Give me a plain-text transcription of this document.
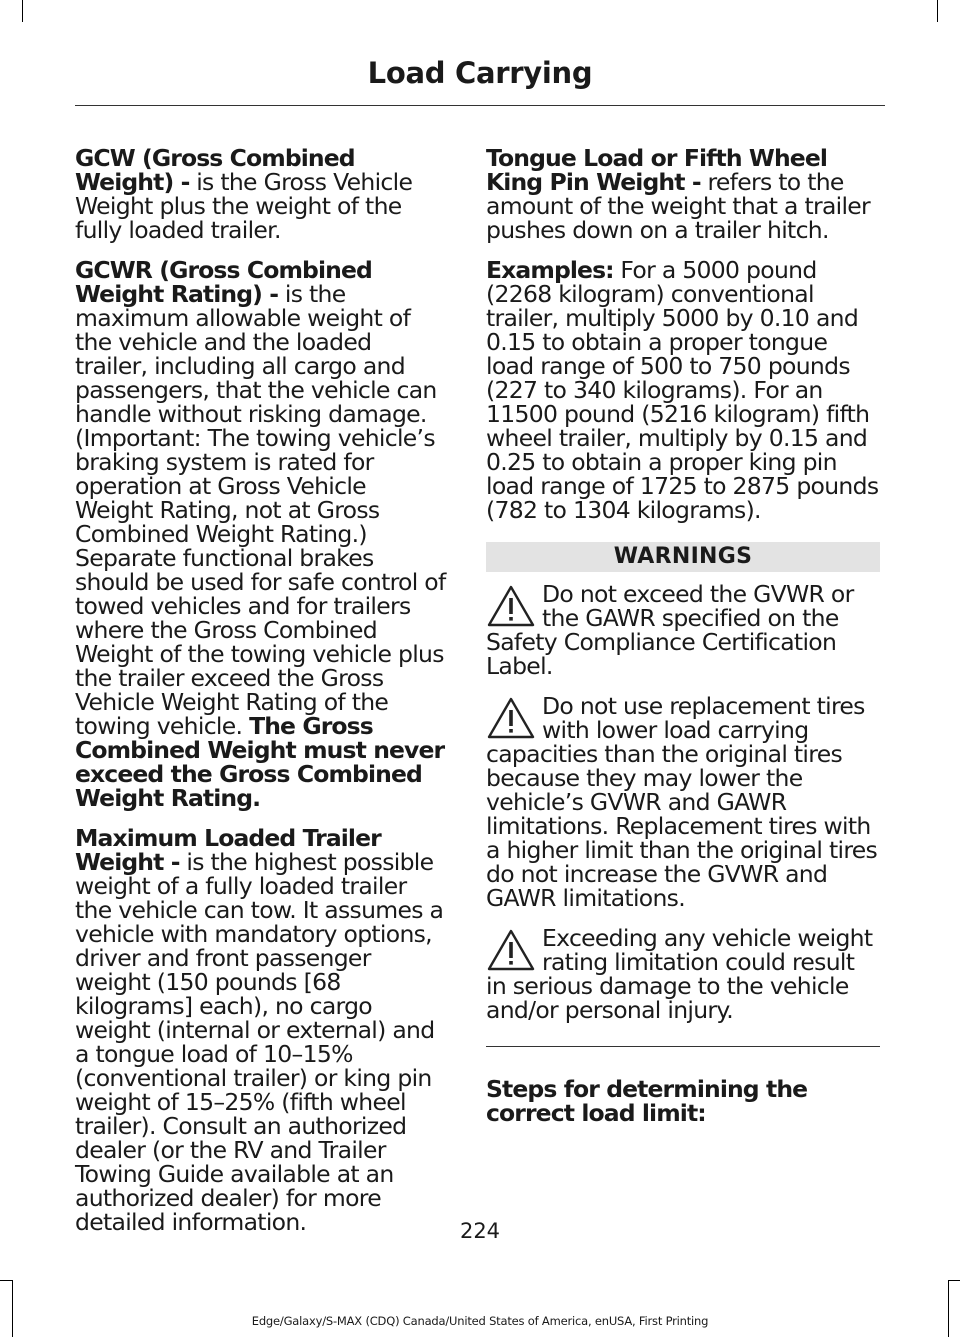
Load Carrying

GCW (Gross Combined Weight) - is the Gross Vehicle Weight plus the weight of the fully loaded trailer.

GCWR (Gross Combined Weight Rating) - is the maximum allowable weight of the vehicle and the loaded trailer, including all cargo and passengers, that the vehicle can handle without risking damage. (Important: The towing vehicle’s braking system is rated for operation at Gross Vehicle Weight Rating, not at Gross Combined Weight Rating.) Separate functional brakes should be used for safe control of towed vehicles and for trailers where the Gross Combined Weight of the towing vehicle plus the trailer exceed the Gross Vehicle Weight Rating of the towing vehicle. The Gross Combined Weight must never exceed the Gross Combined Weight Rating.

Maximum Loaded Trailer Weight - is the highest possible weight of a fully loaded trailer the vehicle can tow. It assumes a vehicle with mandatory options, driver and front passenger weight (150 pounds [68 kilograms] each), no cargo weight (internal or external) and a tongue load of 10–15% (conventional trailer) or king pin weight of 15–25% (fifth wheel trailer). Consult an authorized dealer (or the RV and Trailer Towing Guide available at an authorized dealer) for more detailed information.

Tongue Load or Fifth Wheel King Pin Weight - refers to the amount of the weight that a trailer pushes down on a trailer hitch.

Examples: For a 5000 pound (2268 kilogram) conventional trailer, multiply 5000 by 0.10 and 0.15 to obtain a proper tongue load range of 500 to 750 pounds (227 to 340 kilograms). For an 11500 pound (5216 kilogram) fifth wheel trailer, multiply by 0.15 and 0.25 to obtain a proper king pin load range of 1725 to 2875 pounds (782 to 1304 kilograms).

WARNINGS
Do not exceed the GVWR or the GAWR specified on the Safety Compliance Certification Label.
Do not use replacement tires with lower load carrying capacities than the original tires because they may lower the vehicle’s GVWR and GAWR limitations. Replacement tires with a higher limit than the original tires do not increase the GVWR and GAWR limitations.
Exceeding any vehicle weight rating limitation could result in serious damage to the vehicle and/or personal injury.

Steps for determining the correct load limit:

224
Edge/Galaxy/S-MAX (CDQ) Canada/United States of America, enUSA, First Printing
